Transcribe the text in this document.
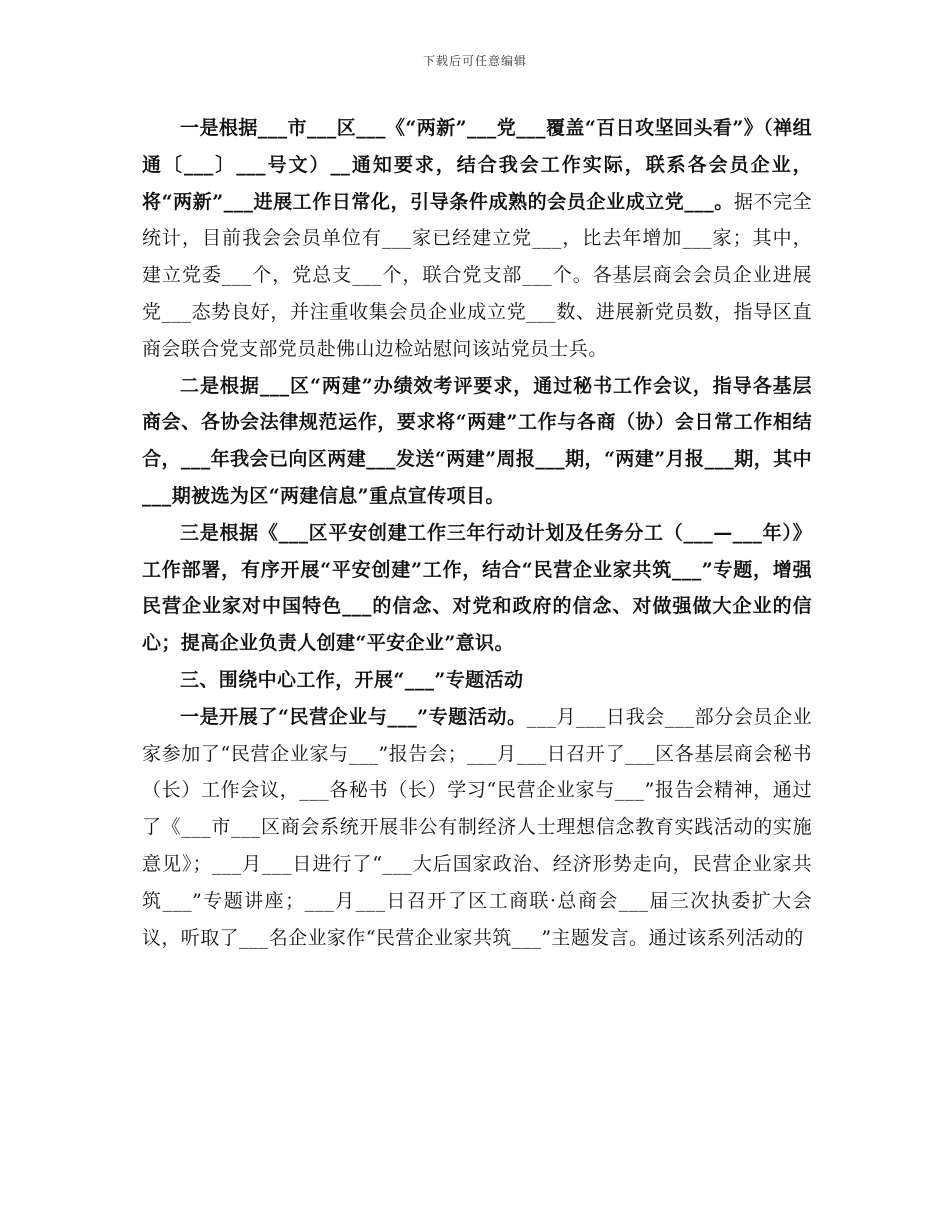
下载后可任意编辑

一是根据___市___区___《“两新”___党___覆盖“百日攻坚回头看”》（禅组通〔___〕___号文）__通知要求，结合我会工作实际，联系各会员企业，将“两新”___进展工作日常化，引导条件成熟的会员企业成立党___。据不完全统计，目前我会会员单位有___家已经建立党___，比去年增加___家；其中，建立党委___个，党总支___个，联合党支部___个。各基层商会会员企业进展党___态势良好，并注重收集会员企业成立党___数、进展新党员数，指导区直商会联合党支部党员赴佛山边检站慰问该站党员士兵。

二是根据___区“两建”办绩效考评要求，通过秘书工作会议，指导各基层商会、各协会法律规范运作，要求将“两建”工作与各商（协）会日常工作相结合，___年我会已向区两建___发送“两建”周报___期，“两建”月报___期，其中___期被选为区“两建信息”重点宣传项目。

三是根据《___区平安创建工作三年行动计划及任务分工（___—___年）》工作部署，有序开展“平安创建”工作，结合“民营企业家共筑___”专题，增强民营企业家对中国特色___的信念、对党和政府的信念、对做强做大企业的信心；提高企业负责人创建“平安企业”意识。

三、围绕中心工作，开展“___”专题活动

一是开展了“民营企业与___”专题活动。___月___日我会___部分会员企业家参加了“民营企业家与___”报告会；___月___日召开了___区各基层商会秘书（长）工作会议，___各秘书（长）学习“民营企业家与___”报告会精神，通过了《___市___区商会系统开展非公有制经济人士理想信念教育实践活动的实施意见》；___月___日进行了“___大后国家政治、经济形势走向，民营企业家共筑___”专题讲座；___月___日召开了区工商联·总商会___届三次执委扩大会议，听取了___名企业家作“民营企业家共筑___”主题发言。通过该系列活动的
